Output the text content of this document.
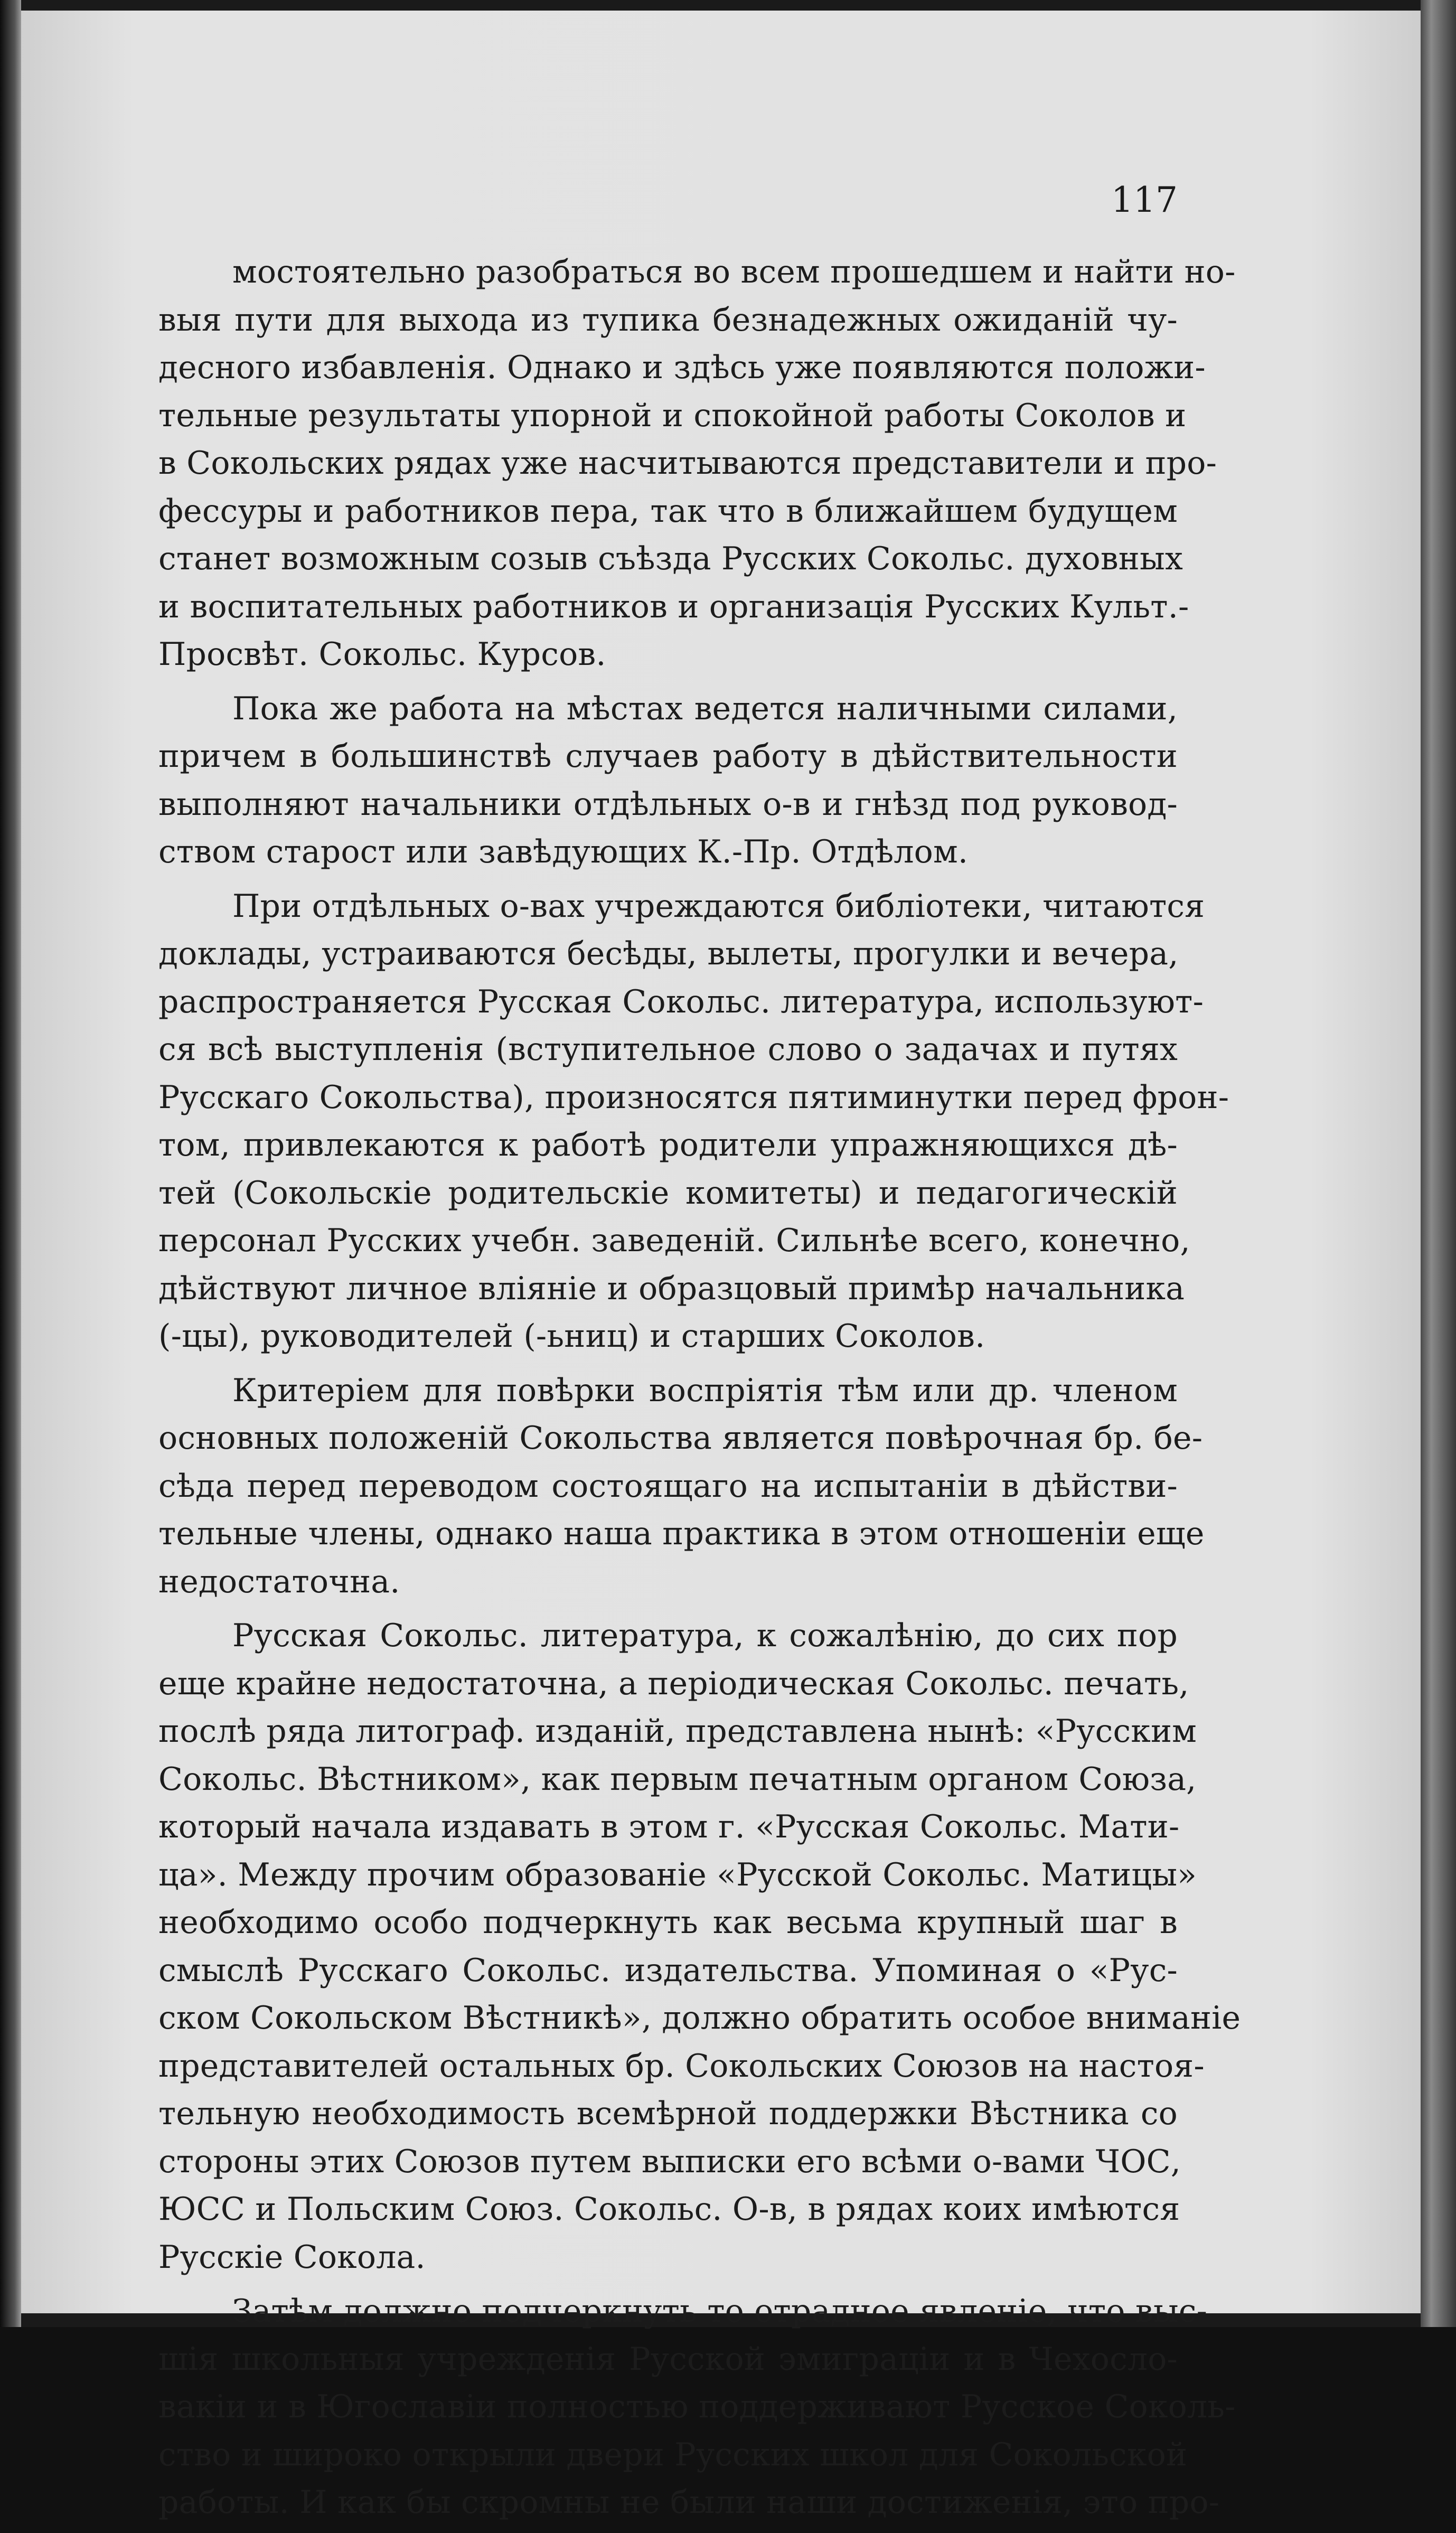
117
мостоятельно разобраться во всем прошедшем и найти но-
выя пути для выхода из тупика безнадежных ожиданій чу-
десного избавленія. Однако и здѣсь уже появляются положи-
тельные результаты упорной и спокойной работы Соколов и
в Сокольских рядах уже насчитываются представители и про-
фессуры и работников пера, так что в ближайшем будущем
станет возможным созыв съѣзда Русских Сокольс. духовных
и воспитательных работников и организація Русских Культ.-
Просвѣт. Сокольс. Курсов.
Пока же работа на мѣстах ведется наличными силами,
причем в большинствѣ случаев работу в дѣйствительности
выполняют начальники отдѣльных о-в и гнѣзд под руковод-
ством старост или завѣдующих К.-Пр. Отдѣлом.
При отдѣльных о-вах учреждаются библіотеки, читаются
доклады, устраиваются бесѣды, вылеты, прогулки и вечера,
распространяется Русская Сокольс. литература, используют-
ся всѣ выступленія (вступительное слово о задачах и путях
Русскаго Сокольства), произносятся пятиминутки перед фрон-
том, привлекаются к работѣ родители упражняющихся дѣ-
тей (Сокольскіе родительскіе комитеты) и педагогическій
персонал Русских учебн. заведеній. Сильнѣе всего, конечно,
дѣйствуют личное вліяніе и образцовый примѣр начальника
(-цы), руководителей (-ьниц) и старших Соколов.
Критеріем для повѣрки воспріятія тѣм или др. членом
основных положеній Сокольства является повѣрочная бр. бе-
сѣда перед переводом состоящаго на испытаніи в дѣйстви-
тельные члены, однако наша практика в этом отношеніи еще
недостаточна.
Русская Сокольс. литература, к сожалѣнію, до сих пор
еще крайне недостаточна, а періодическая Сокольс. печать,
послѣ ряда литограф. изданій, представлена нынѣ: «Русским
Сокольс. Вѣстником», как первым печатным органом Союза,
который начала издавать в этом г. «Русская Сокольс. Мати-
ца». Между прочим образованіе «Русской Сокольс. Матицы»
необходимо особо подчеркнуть как весьма крупный шаг в
смыслѣ Русскаго Сокольс. издательства. Упоминая о «Рус-
ском Сокольском Вѣстникѣ», должно обратить особое вниманіе
представителей остальных бр. Сокольских Союзов на настоя-
тельную необходимость всемѣрной поддержки Вѣстника со
стороны этих Союзов путем выписки его всѣми о-вами ЧОС,
ЮСС и Польским Союз. Сокольс. О-в, в рядах коих имѣются
Русскіе Сокола.
Затѣм должно подчеркнуть то отрадное явленіе, что выс-
шія школьныя учрежденія Русской эмиграціи и в Чехосло-
вакіи и в Югославіи полностью поддерживают Русское Соколь-
ство и широко открыли двери Русских школ для Сокольской
работы. И как бы скромны не были наши достиженія, это про-
